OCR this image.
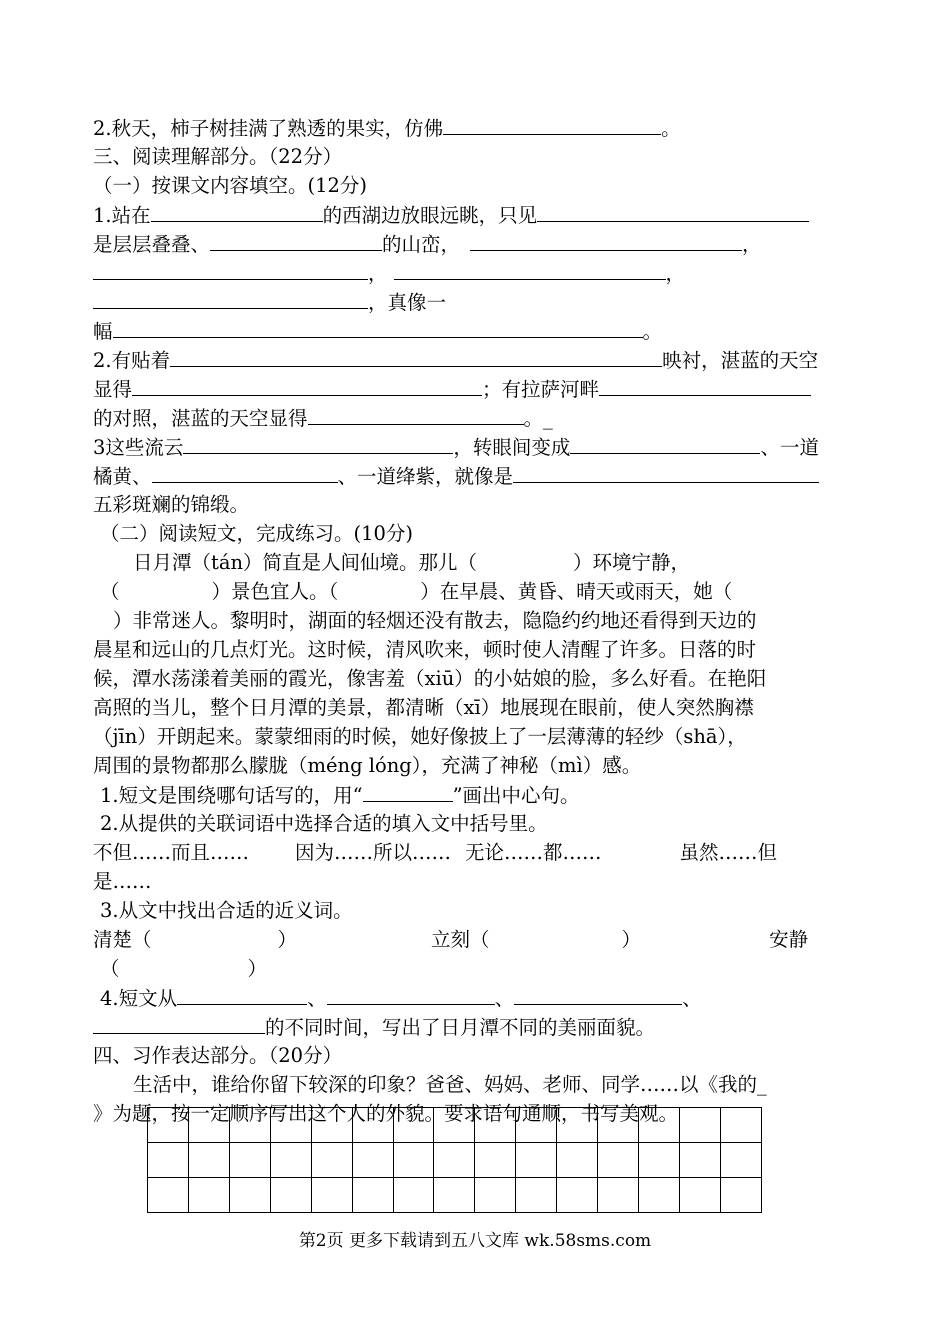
2.秋天，柿子树挂满了熟透的果实，仿佛	。
三、阅读理解部分。（22分）
（一）按课文内容填空。(12分)
1.站在	的西湖边放眼远眺，只见
是层层叠叠、	的山峦，	，
，	，
，真像一
幅	。
2.有贴着	映衬，湛蓝的天空
显得	；有拉萨河畔
的对照，湛蓝的天空显得	。_
3这些流云	，转眼间变成	、一道
橘黄、	、一道绛紫，就像是
五彩斑斓的锦缎。
（二）阅读短文，完成练习。(10分)
日月潭（tán）简直是人间仙境。那儿（	）环境宁静，
（	）景色宜人。（	）在早晨、黄昏、晴天或雨天，她（
）非常迷人。黎明时，湖面的轻烟还没有散去，隐隐约约地还看得到天边的
晨星和远山的几点灯光。这时候，清风吹来，顿时使人清醒了许多。日落的时
候，潭水荡漾着美丽的霞光，像害羞（xiū）的小姑娘的脸，多么好看。在艳阳
高照的当儿，整个日月潭的美景，都清晰（xī）地展现在眼前，使人突然胸襟
（jīn）开朗起来。蒙蒙细雨的时候，她好像披上了一层薄薄的轻纱（shā），
周围的景物都那么朦胧（méng lóng），充满了神秘（mì）感。
1.短文是围绕哪句话写的，用“	”画出中心句。
2.从提供的关联词语中选择合适的填入文中括号里。
不但……而且…… 因为……所以…… 无论……都……	虽然……但
是……
3.从文中找出合适的近义词。
清楚（	）	立刻（	）	安静
（	）
4.短文从	、	、	、
的不同时间，写出了日月潭不同的美丽面貌。
四、习作表达部分。（20分）
生活中，谁给你留下较深的印象？爸爸、妈妈、老师、同学……以《我的_
》为题，按一定顺序写出这个人的外貌。要求语句通顺，书写美观。

第2页 更多下载请到五八文库 wk.58sms.com
